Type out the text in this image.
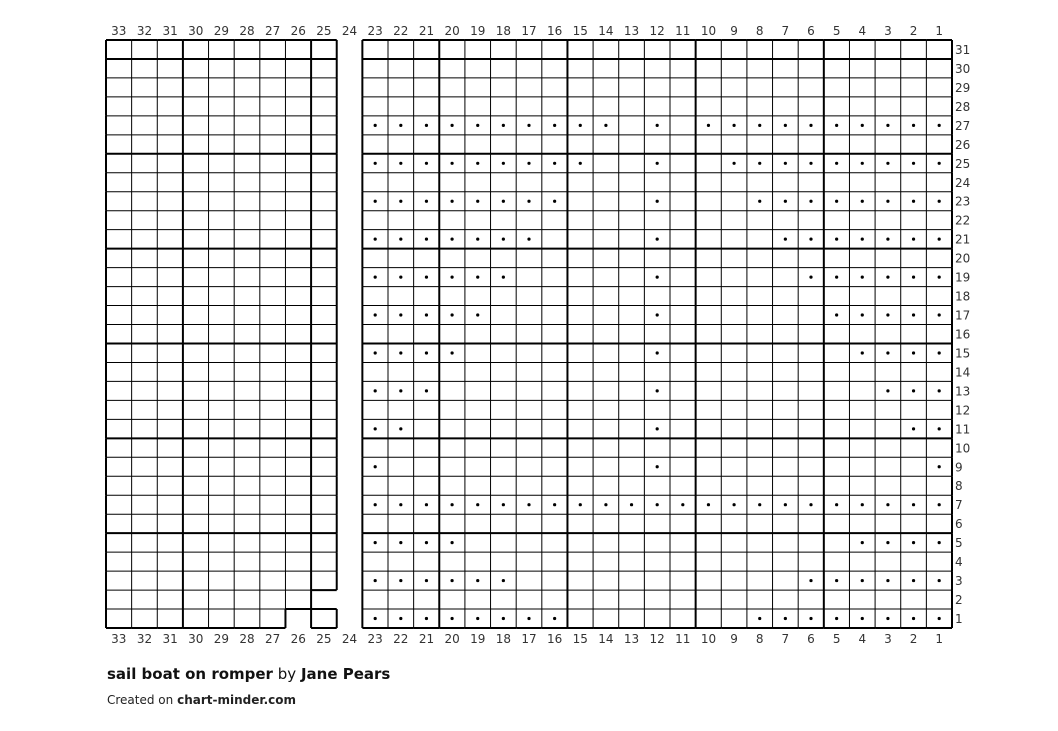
1
1
2
2
3
3
4
4
5
5
6
6
7
7
8
8
9
9
10
10
11
11
12
12
13
13
14
14
15
15
16
16
17
17
18
18
19
19
20
20
21
21
22
22
23
23
24
24
25
25
26
26
27
27
28
28
29
29
30
30
31
31
32
32
33
33
1
2
3
4
5
6
7
8
9
10
11
12
13
14
15
16
17
18
19
20
21
22
23
24
25
26
27
28
29
30
31
sail boat on romper by Jane Pears
Created on chart-minder.com
